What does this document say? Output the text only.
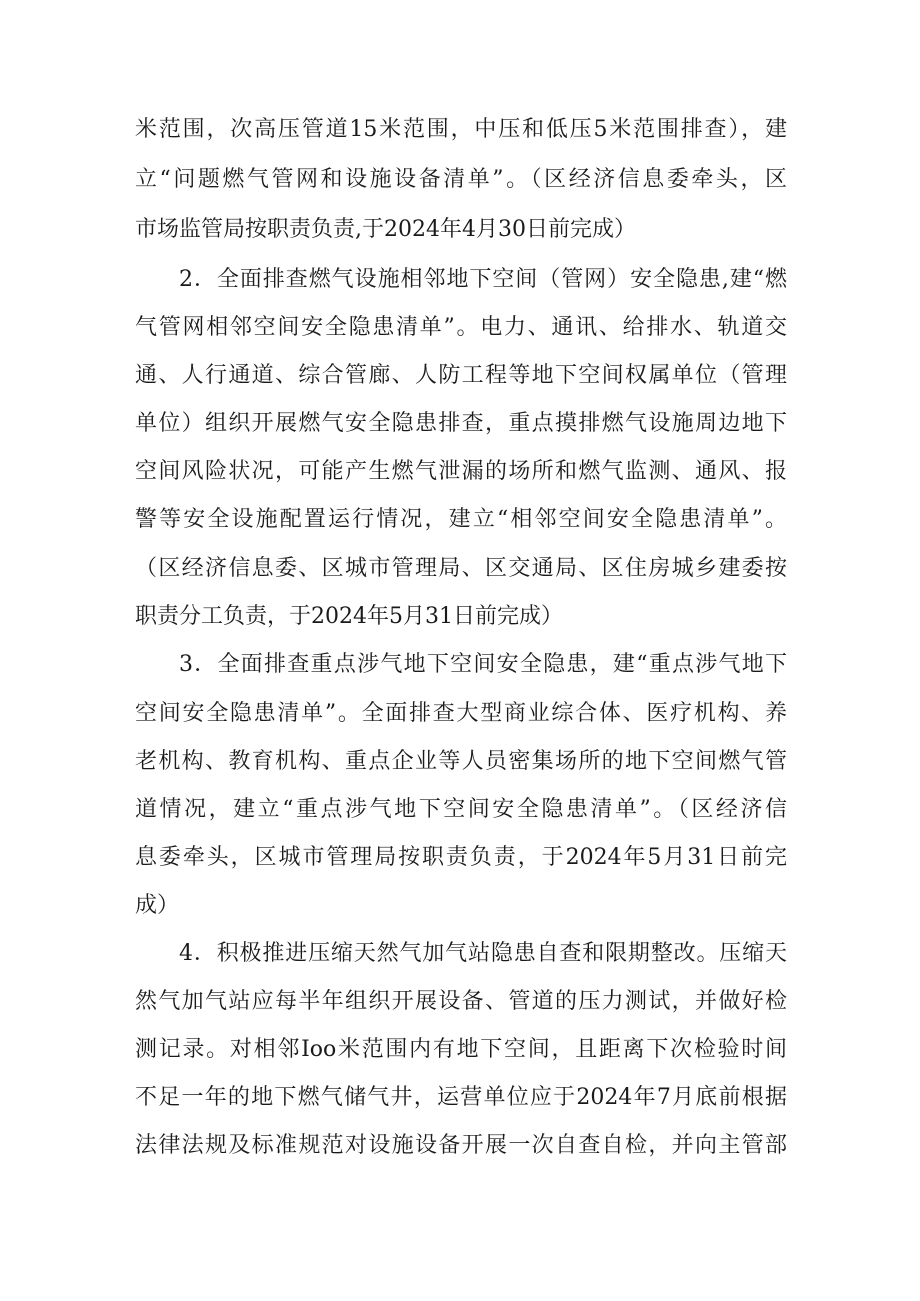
米范围，次高压管道15米范围，中压和低压5米范围排查），建
立“问题燃气管网和设施设备清单”。（区经济信息委牵头，区
市场监管局按职责负责,于2024年4月30日前完成）
2．全面排查燃气设施相邻地下空间（管网）安全隐患,建“燃
气管网相邻空间安全隐患清单”。电力、通讯、给排水、轨道交
通、人行通道、综合管廊、人防工程等地下空间权属单位（管理
单位）组织开展燃气安全隐患排查，重点摸排燃气设施周边地下
空间风险状况，可能产生燃气泄漏的场所和燃气监测、通风、报
警等安全设施配置运行情况，建立“相邻空间安全隐患清单”。
（区经济信息委、区城市管理局、区交通局、区住房城乡建委按
职责分工负责，于2024年5月31日前完成）
3．全面排查重点涉气地下空间安全隐患，建“重点涉气地下
空间安全隐患清单”。全面排查大型商业综合体、医疗机构、养
老机构、教育机构、重点企业等人员密集场所的地下空间燃气管
道情况，建立“重点涉气地下空间安全隐患清单”。（区经济信
息委牵头，区城市管理局按职责负责，于2024年5月31日前完
成）
4．积极推进压缩天然气加气站隐患自查和限期整改。压缩天
然气加气站应每半年组织开展设备、管道的压力测试，并做好检
测记录。对相邻Ioo米范围内有地下空间，且距离下次检验时间
不足一年的地下燃气储气井，运营单位应于2024年7月底前根据
法律法规及标准规范对设施设备开展一次自查自检，并向主管部
